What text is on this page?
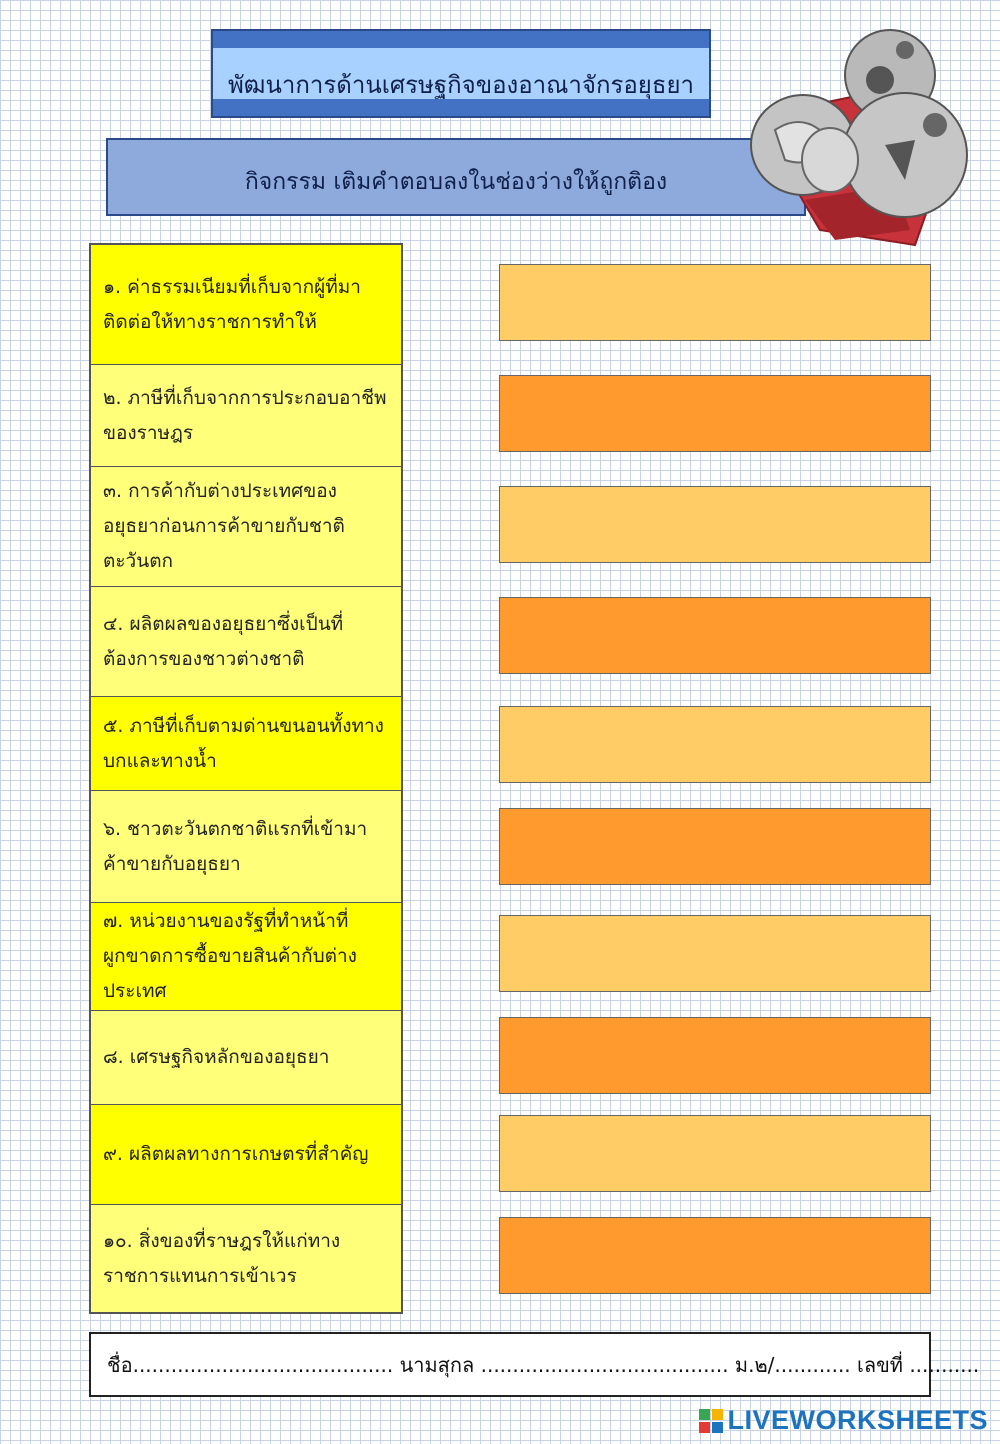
พัฒนาการด้านเศรษฐกิจของอาณาจักรอยุธยา
กิจกรรม เติมคำตอบลงในช่องว่างให้ถูกติอง
๑. ค่าธรรมเนียมที่เก็บจากผู้ที่มาติดต่อให้ทางราชการทำให้
๒. ภาษีที่เก็บจากการประกอบอาชีพของราษฎร
๓. การค้ากับต่างประเทศของอยุธยาก่อนการค้าขายกับชาติตะวันตก
๔. ผลิตผลของอยุธยาซึ่งเป็นที่ต้องการของชาวต่างชาติ
๕. ภาษีที่เก็บตามด่านขนอนทั้งทางบกและทางน้ำ
๖. ชาวตะวันตกชาติแรกที่เข้ามาค้าขายกับอยุธยา
๗. หน่วยงานของรัฐที่ทำหน้าที่ผูกขาดการซื้อขายสินค้ากับต่างประเทศ
๘. เศรษฐกิจหลักของอยุธยา
๙. ผลิตผลทางการเกษตรที่สำคัญ
๑๐. สิ่งของที่ราษฎรให้แก่ทางราชการแทนการเข้าเวร
ชื่อ......................................... นามสุกล ....................................... ม.๒/............ เลขที่ ...........
LIVEWORKSHEETS
